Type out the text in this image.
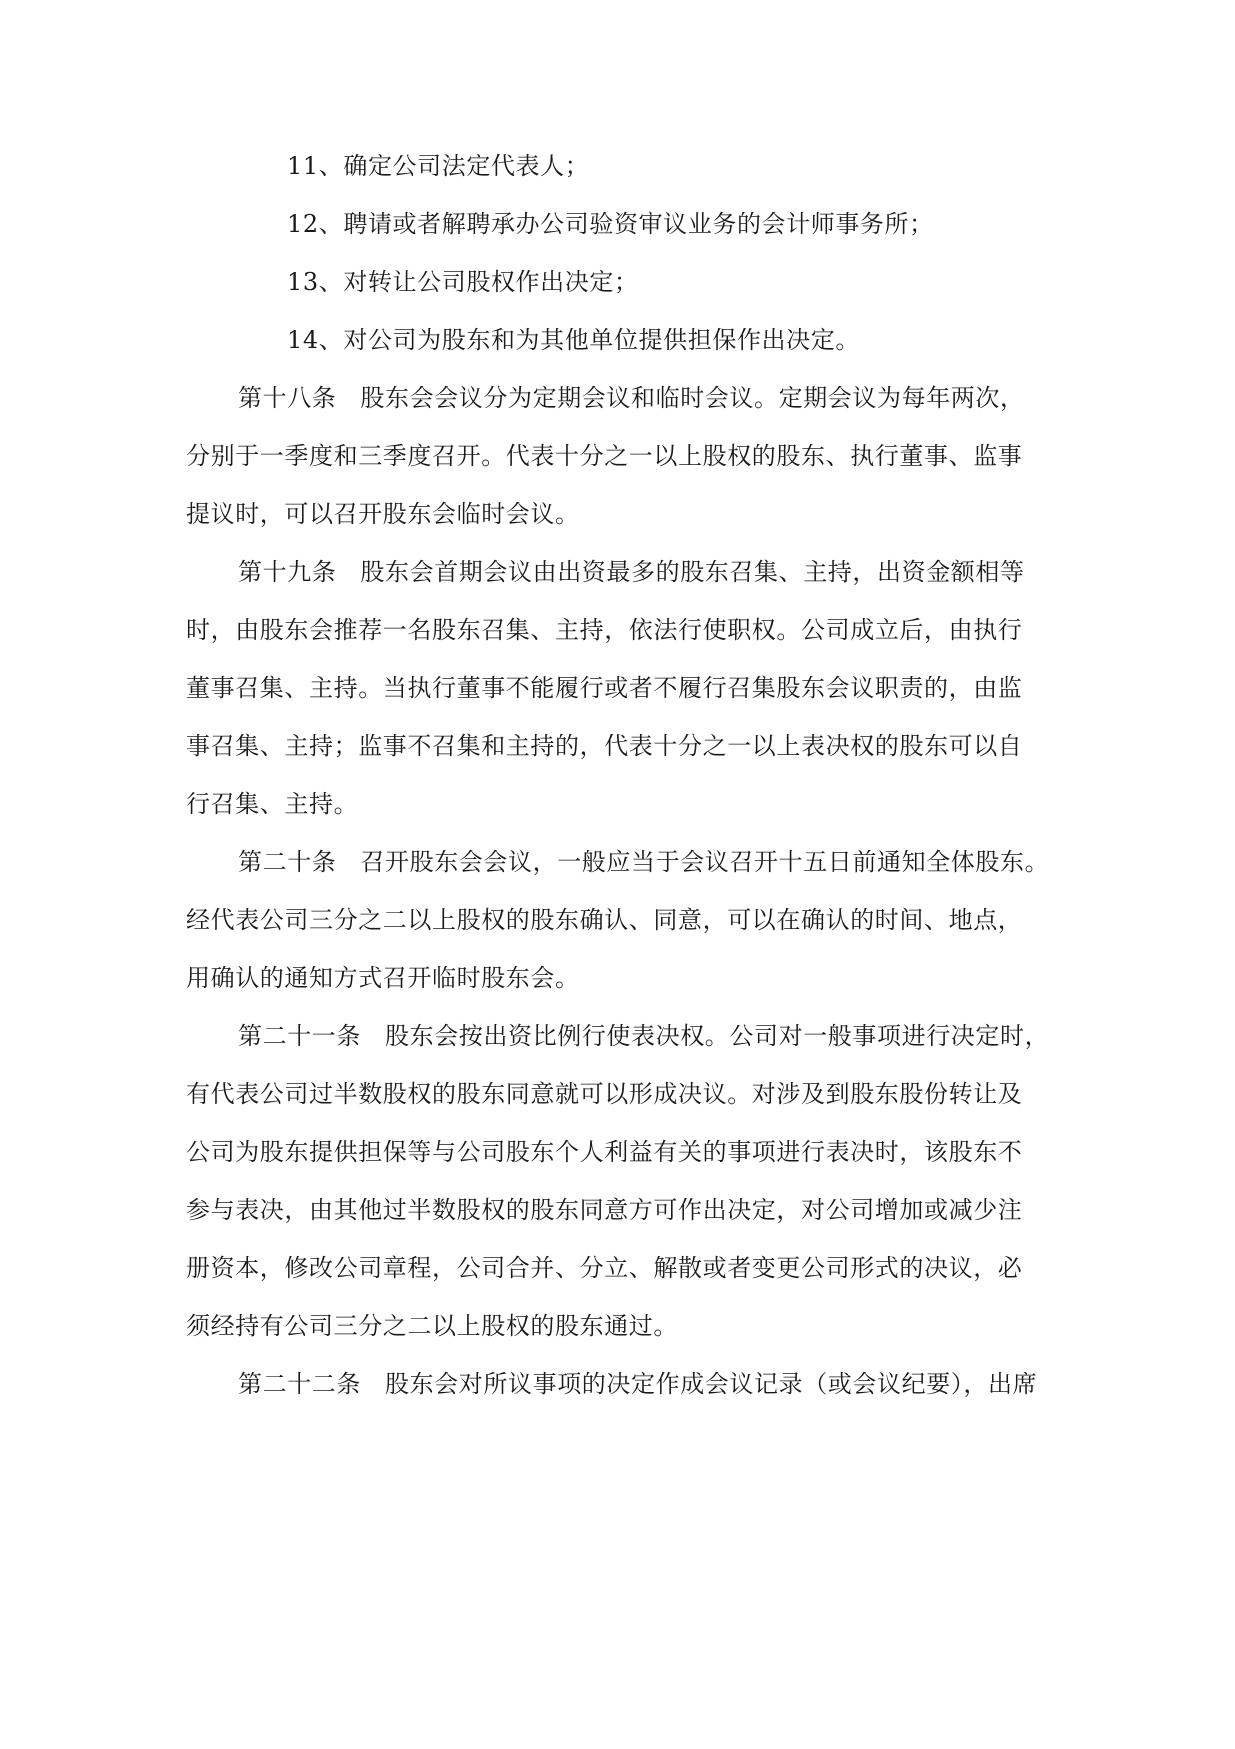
11、确定公司法定代表人；
12、聘请或者解聘承办公司验资审议业务的会计师事务所；
13、对转让公司股权作出决定；
14、对公司为股东和为其他单位提供担保作出决定。
第十八条 股东会会议分为定期会议和临时会议。定期会议为每年两次，
分别于一季度和三季度召开。代表十分之一以上股权的股东、执行董事、监事
提议时，可以召开股东会临时会议。
第十九条 股东会首期会议由出资最多的股东召集、主持，出资金额相等
时，由股东会推荐一名股东召集、主持，依法行使职权。公司成立后，由执行
董事召集、主持。当执行董事不能履行或者不履行召集股东会议职责的，由监
事召集、主持；监事不召集和主持的，代表十分之一以上表决权的股东可以自
行召集、主持。
第二十条 召开股东会会议，一般应当于会议召开十五日前通知全体股东。
经代表公司三分之二以上股权的股东确认、同意，可以在确认的时间、地点，
用确认的通知方式召开临时股东会。
第二十一条 股东会按出资比例行使表决权。公司对一般事项进行决定时，
有代表公司过半数股权的股东同意就可以形成决议。对涉及到股东股份转让及
公司为股东提供担保等与公司股东个人利益有关的事项进行表决时，该股东不
参与表决，由其他过半数股权的股东同意方可作出决定，对公司增加或减少注
册资本，修改公司章程，公司合并、分立、解散或者变更公司形式的决议，必
须经持有公司三分之二以上股权的股东通过。
第二十二条 股东会对所议事项的决定作成会议记录（或会议纪要），出席
